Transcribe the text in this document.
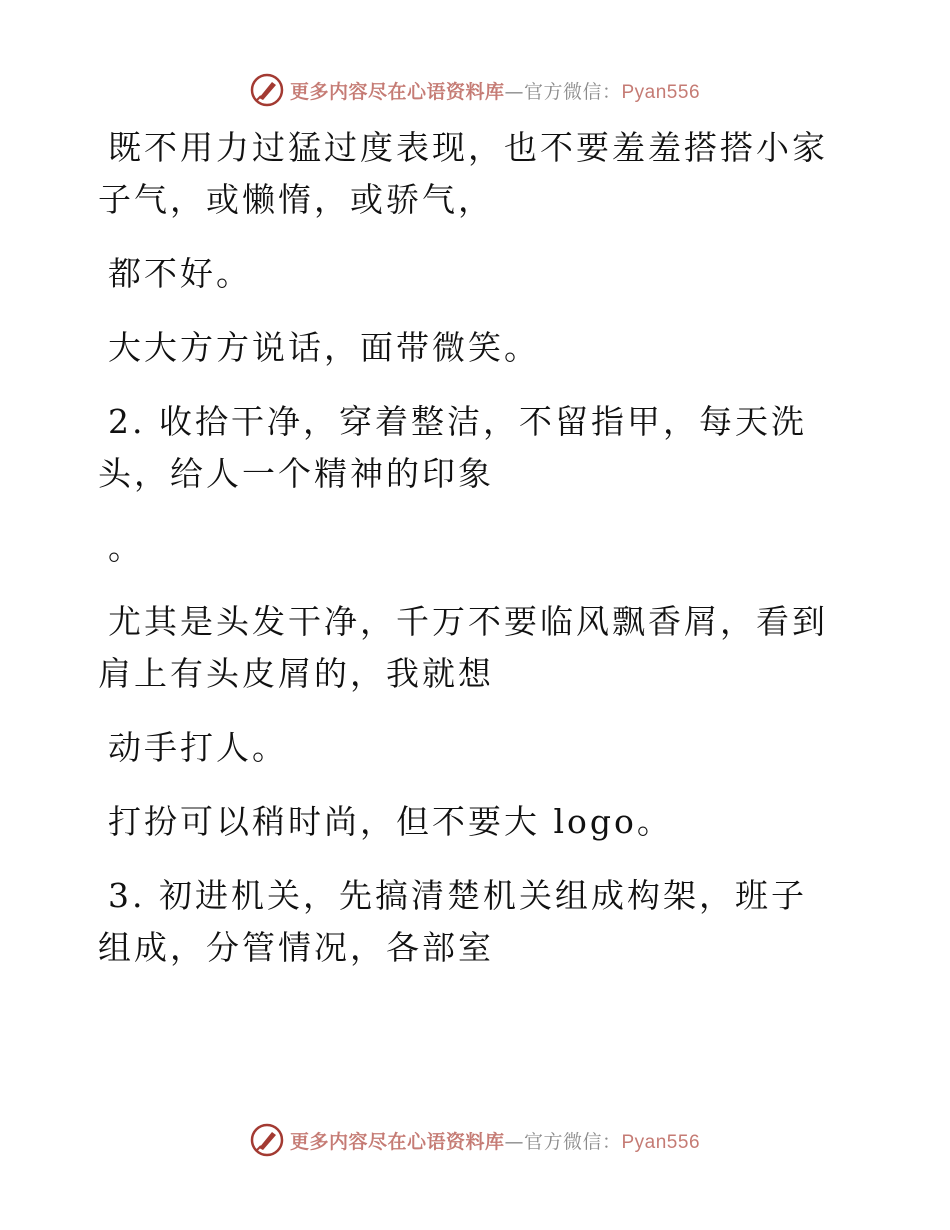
更多内容尽在心语资料库—官方微信：Pyan556

既不用力过猛过度表现，也不要羞羞搭搭小家子气，或懒惰，或骄气，

都不好。

大大方方说话，面带微笑。

2. 收拾干净，穿着整洁，不留指甲，每天洗头，给人一个精神的印象

。

尤其是头发干净，千万不要临风飘香屑，看到肩上有头皮屑的，我就想

动手打人。

打扮可以稍时尚，但不要大 logo。

3. 初进机关，先搞清楚机关组成构架，班子组成，分管情况，各部室

更多内容尽在心语资料库—官方微信：Pyan556
